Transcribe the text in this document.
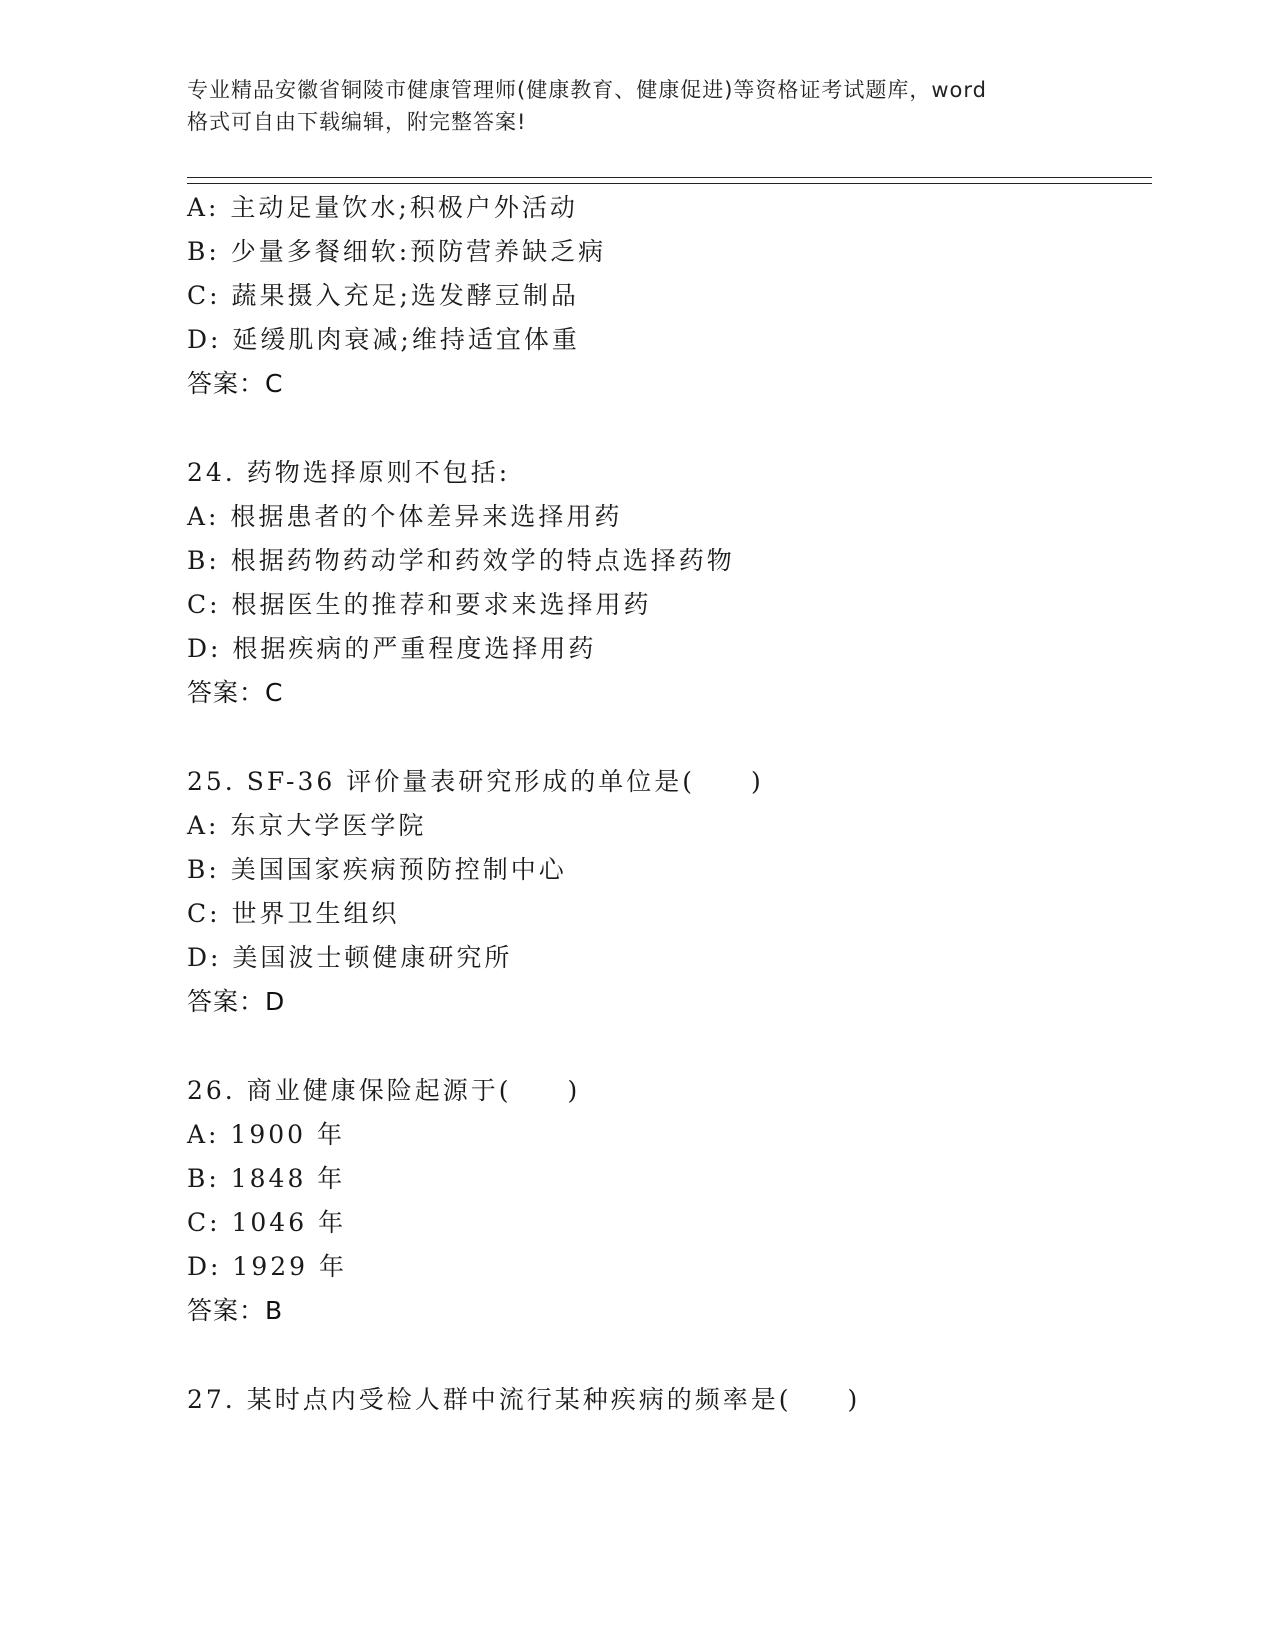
专业精品安徽省铜陵市健康管理师(健康教育、健康促进)等资格证考试题库，word
格式可自由下载编辑，附完整答案!
A: 主动足量饮水;积极户外活动
B: 少量多餐细软:预防营养缺乏病
C: 蔬果摄入充足;选发酵豆制品
D: 延缓肌肉衰减;维持适宜体重
答案：C
24. 药物选择原则不包括:
A: 根据患者的个体差异来选择用药
B: 根据药物药动学和药效学的特点选择药物
C: 根据医生的推荐和要求来选择用药
D: 根据疾病的严重程度选择用药
答案：C
25. SF-36 评价量表研究形成的单位是(　　)
A: 东京大学医学院
B: 美国国家疾病预防控制中心
C: 世界卫生组织
D: 美国波士顿健康研究所
答案：D
26. 商业健康保险起源于(　　)
A: 1900 年
B: 1848 年
C: 1046 年
D: 1929 年
答案：B
27. 某时点内受检人群中流行某种疾病的频率是(　　)
